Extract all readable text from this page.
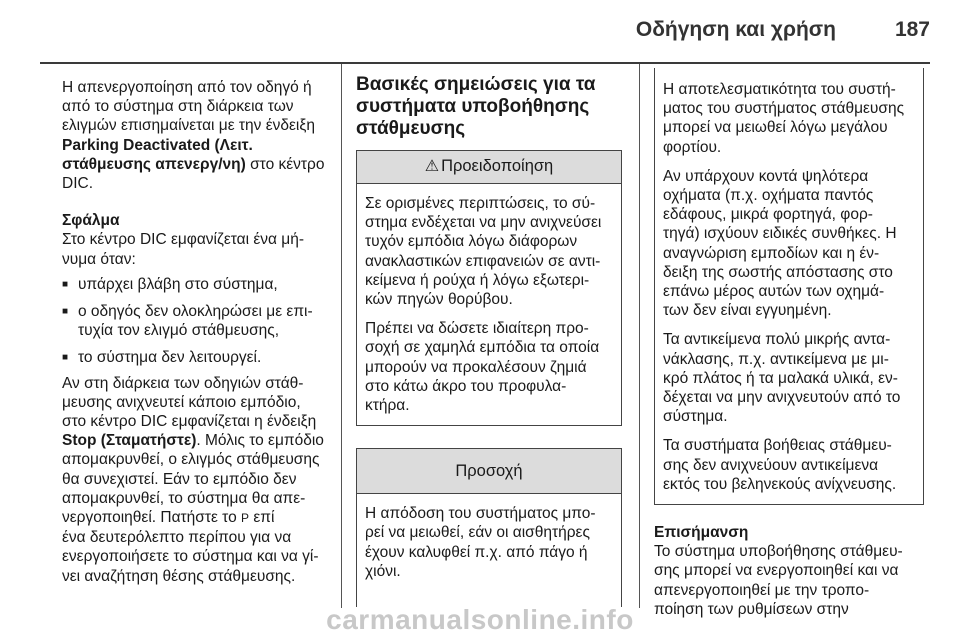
Οδήγηση και χρήση	187

Η απενεργοποίηση από τον οδηγό ή
από το σύστημα στη διάρκεια των
ελιγμών επισημαίνεται με την ένδειξη
Parking Deactivated (Λειτ.
στάθμευσης απενεργ/νη) στο κέντρο
DIC.

Σφάλμα

Στο κέντρο DIC εμφανίζεται ένα μή-
νυμα όταν:

■ υπάρχει βλάβη στο σύστημα,
■ ο οδηγός δεν ολοκληρώσει με επι-
τυχία τον ελιγμό στάθμευσης,
■ το σύστημα δεν λειτουργεί.

Αν στη διάρκεια των οδηγιών στάθ-
μευσης ανιχνευτεί κάποιο εμπόδιο,
στο κέντρο DIC εμφανίζεται η ένδειξη
Stop (Σταματήστε). Μόλις το εμπόδιο
απομακρυνθεί, ο ελιγμός στάθμευσης
θα συνεχιστεί. Εάν το εμπόδιο δεν
απομακρυνθεί, το σύστημα θα απε-
νεργοποιηθεί. Πατήστε το P επί
ένα δευτερόλεπτο περίπου για να
ενεργοποιήσετε το σύστημα και να γί-
νει αναζήτηση θέσης στάθμευσης.

Βασικές σημειώσεις για τα
συστήματα υποβοήθησης
στάθμευσης
⚠ Προειδοποίηση

Σε ορισμένες περιπτώσεις, το σύ-
στημα ενδέχεται να μην ανιχνεύσει
τυχόν εμπόδια λόγω διάφορων
ανακλαστικών επιφανειών σε αντι-
κείμενα ή ρούχα ή λόγω εξωτερι-
κών πηγών θορύβου.

Πρέπει να δώσετε ιδιαίτερη προ-
σοχή σε χαμηλά εμπόδια τα οποία
μπορούν να προκαλέσουν ζημιά
στο κάτω άκρο του προφυλα-
κτήρα.

Προσοχή

Η απόδοση του συστήματος μπο-
ρεί να μειωθεί, εάν οι αισθητήρες
έχουν καλυφθεί π.χ. από πάγο ή
χιόνι.

Η αποτελεσματικότητα του συστή-
ματος του συστήματος στάθμευσης
μπορεί να μειωθεί λόγω μεγάλου
φορτίου.

Αν υπάρχουν κοντά ψηλότερα
οχήματα (π.χ. οχήματα παντός
εδάφους, μικρά φορτηγά, φορ-
τηγά) ισχύουν ειδικές συνθήκες. Η
αναγνώριση εμποδίων και η έν-
δειξη της σωστής απόστασης στο
επάνω μέρος αυτών των οχημά-
των δεν είναι εγγυημένη.

Τα αντικείμενα πολύ μικρής αντα-
νάκλασης, π.χ. αντικείμενα με μι-
κρό πλάτος ή τα μαλακά υλικά, εν-
δέχεται να μην ανιχνευτούν από το
σύστημα.

Τα συστήματα βοήθειας στάθμευ-
σης δεν ανιχνεύουν αντικείμενα
εκτός του βεληνεκούς ανίχνευσης.

Επισήμανση

Το σύστημα υποβοήθησης στάθμευ-
σης μπορεί να ενεργοποιηθεί και να
απενεργοποιηθεί με την τροπο-
ποίηση των ρυθμίσεων στην

carmanualsonline.info
